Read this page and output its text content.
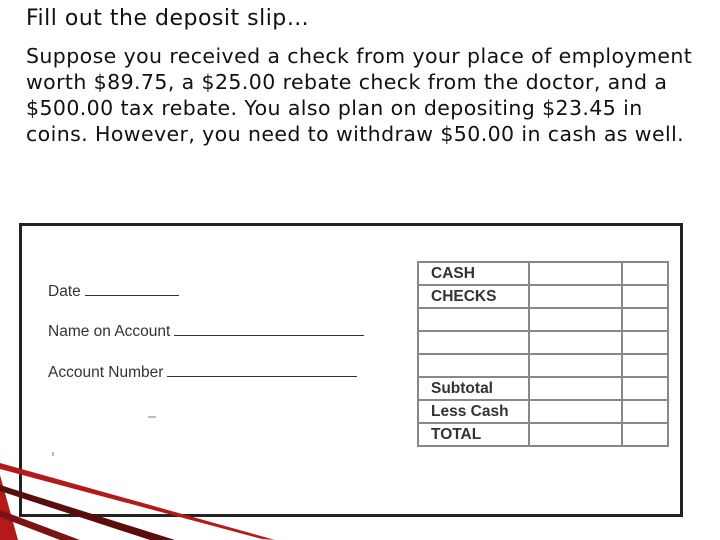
Fill out the deposit slip…
Suppose you received a check from your place of employment worth $89.75, a $25.00 rebate check from the doctor, and a $500.00 tax rebate. You also plan on depositing $23.45 in coins. However, you need to withdraw $50.00 in cash as well.
Date
Name on Account
Account Number
CASH		
CHECKS		

Subtotal		
Less Cash		
TOTAL		
